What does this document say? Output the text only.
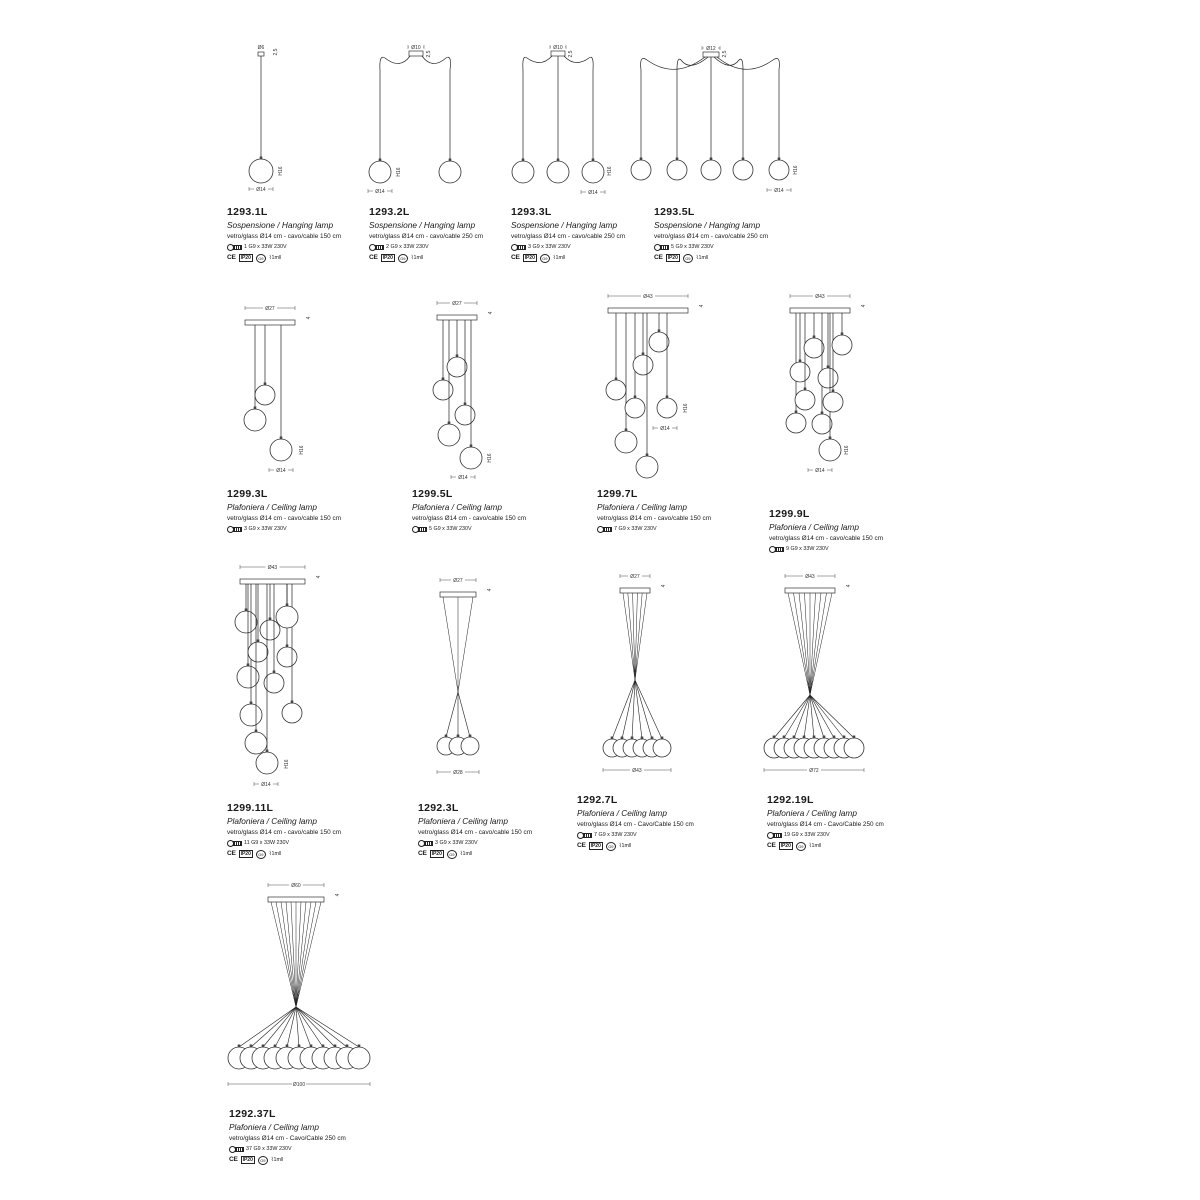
Ø6
2,5
H16
Ø14
1293.1L
Sospensione / Hanging lamp
vetro/glass Ø14 cm - cavo/cable 150 cm
1 G9 x 33W 230V
CE	IP20	G9 ⌇1m‖
Ø10
2,5
H16
Ø14
1293.2L
Sospensione / Hanging lamp
vetro/glass Ø14 cm - cavo/cable 250 cm
2 G9 x 33W 230V
CE	IP20	G9 ⌇1m‖
Ø10
2,5
H16
Ø14
1293.3L
Sospensione / Hanging lamp
vetro/glass Ø14 cm - cavo/cable 250 cm
3 G9 x 33W 230V
CE	IP20	G9 ⌇1m‖
Ø12
2,5
H16
Ø14
1293.5L
Sospensione / Hanging lamp
vetro/glass Ø14 cm - cavo/cable 250 cm
5 G9 x 33W 230V
CE	IP20	G9 ⌇1m‖
Ø27
4
H16
Ø14
1299.3L
Plafoniera / Ceiling lamp
vetro/glass Ø14 cm - cavo/cable 150 cm
3 G9 x 33W 230V
Ø27
4
H16
Ø14
1299.5L
Plafoniera / Ceiling lamp
vetro/glass Ø14 cm - cavo/cable 150 cm
5 G9 x 33W 230V
Ø43
4
H16
Ø14
1299.7L
Plafoniera / Ceiling lamp
vetro/glass Ø14 cm - cavo/cable 150 cm
7 G9 x 33W 230V
Ø43
4
H16
Ø14
1299.9L
Plafoniera / Ceiling lamp
vetro/glass Ø14 cm - cavo/cable 150 cm
9 G9 x 33W 230V
Ø43
4
H16
Ø14
1299.11L
Plafoniera / Ceiling lamp
vetro/glass Ø14 cm - cavo/cable 150 cm
11 G9 x 33W 230V
CE	IP20	G9 ⌇1m‖
Ø27
4
Ø28
1292.3L
Plafoniera / Ceiling lamp
vetro/glass Ø14 cm - cavo/cable 150 cm
3 G9 x 33W 230V
CE	IP20	G9 ⌇1m‖
Ø27
4
Ø43
1292.7L
Plafoniera / Ceiling lamp
vetro/glass Ø14 cm - Cavo/Cable 150 cm
7 G9 x 33W 230V
CE	IP20	G9 ⌇1m‖
Ø43
4
Ø72
1292.19L
Plafoniera / Ceiling lamp
vetro/glass Ø14 cm - Cavo/Cable 250 cm
19 G9 x 33W 230V
CE	IP20	G9 ⌇1m‖
Ø60
4
Ø100
1292.37L
Plafoniera / Ceiling lamp
vetro/glass Ø14 cm - Cavo/Cable 250 cm
37 G9 x 33W 230V
CE	IP20	G9 ⌇1m‖
